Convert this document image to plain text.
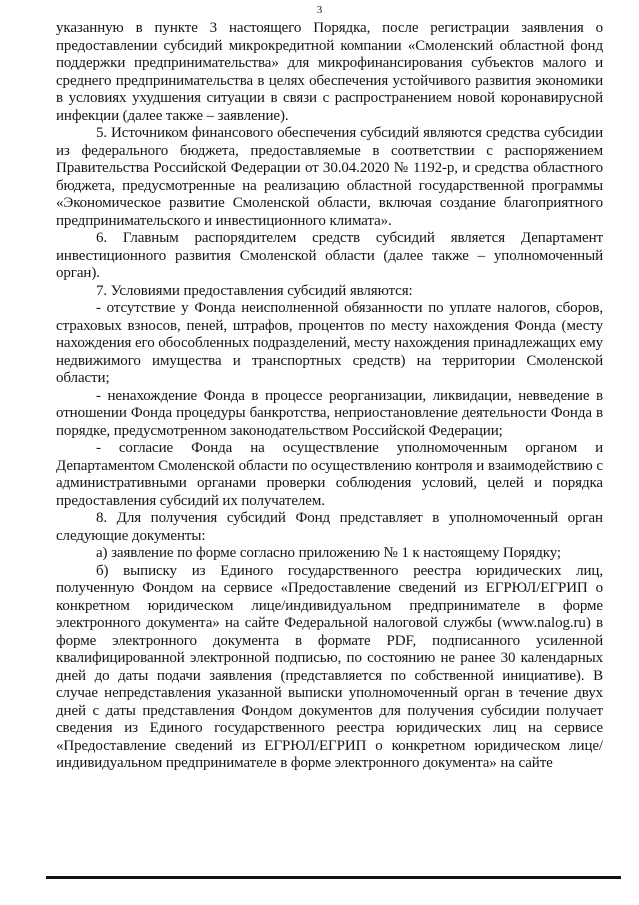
3

указанную в пункте 3 настоящего Порядка, после регистрации заявления о предоставлении субсидий микрокредитной компании «Смоленский областной фонд поддержки предпринимательства» для микрофинансирования субъектов малого и среднего предпринимательства в целях обеспечения устойчивого развития экономики в условиях ухудшения ситуации в связи с распространением новой коронавирусной инфекции (далее также – заявление).

5. Источником финансового обеспечения субсидий являются средства субсидии из федерального бюджета, предоставляемые в соответствии с распоряжением Правительства Российской Федерации от 30.04.2020 № 1192-р, и средства областного бюджета, предусмотренные на реализацию областной государственной программы «Экономическое развитие Смоленской области, включая создание благоприятного предпринимательского и инвестиционного климата».

6. Главным распорядителем средств субсидий является Департамент инвестиционного развития Смоленской области (далее также – уполномоченный орган).

7. Условиями предоставления субсидий являются:

- отсутствие у Фонда неисполненной обязанности по уплате налогов, сборов, страховых взносов, пеней, штрафов, процентов по месту нахождения Фонда (месту нахождения его обособленных подразделений, месту нахождения принадлежащих ему недвижимого имущества и транспортных средств) на территории Смоленской области;

- ненахождение Фонда в процессе реорганизации, ликвидации, невведение в отношении Фонда процедуры банкротства, неприостановление деятельности Фонда в порядке, предусмотренном законодательством Российской Федерации;

- согласие Фонда на осуществление уполномоченным органом и Департаментом Смоленской области по осуществлению контроля и взаимодействию с административными органами проверки соблюдения условий, целей и порядка предоставления субсидий их получателем.

8. Для получения субсидий Фонд представляет в уполномоченный орган следующие документы:

а) заявление по форме согласно приложению № 1 к настоящему Порядку;

б) выписку из Единого государственного реестра юридических лиц, полученную Фондом на сервисе «Предоставление сведений из ЕГРЮЛ/ЕГРИП о конкретном юридическом лице/индивидуальном предпринимателе в форме электронного документа» на сайте Федеральной налоговой службы (www.nalog.ru) в форме электронного документа в формате PDF, подписанного усиленной квалифицированной электронной подписью, по состоянию не ранее 30 календарных дней до даты подачи заявления (представляется по собственной инициативе). В случае непредставления указанной выписки уполномоченный орган в течение двух дней с даты представления Фондом документов для получения субсидии получает сведения из Единого государственного реестра юридических лиц на сервисе «Предоставление сведений из ЕГРЮЛ/ЕГРИП о конкретном юридическом лице/индивидуальном предпринимателе в форме электронного документа» на сайте
